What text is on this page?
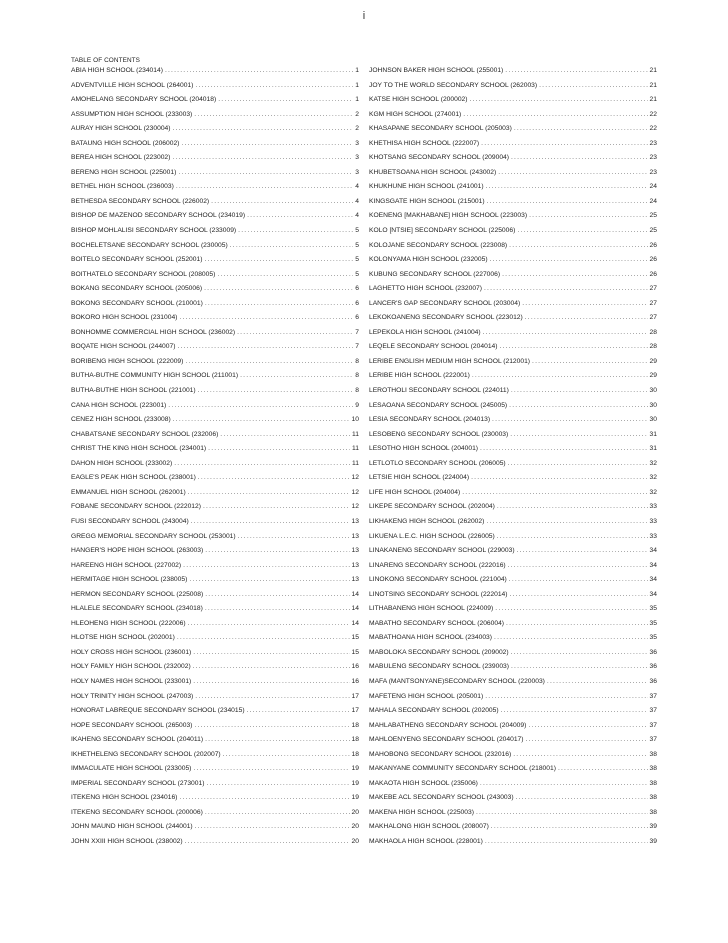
i
TABLE OF CONTENTS
ABIA HIGH SCHOOL (234014) .....	1
ADVENTVILLE HIGH SCHOOL (264001) .....	1
AMOHELANG SECONDARY SCHOOL (204018) .....	1
ASSUMPTION HIGH SCHOOL (233003) .....	2
AURAY HIGH SCHOOL (230004) .....	2
BATAUNG HIGH SCHOOL (206002) .....	3
BEREA HIGH SCHOOL (223002) .....	3
BERENG HIGH SCHOOL (225001) .....	3
BETHEL HIGH SCHOOL (236003) .....	4
BETHESDA SECONDARY SCHOOL (226002) .....	4
BISHOP DE MAZENOD SECONDARY SCHOOL (234019) .....	4
BISHOP MOHLALISI SECONDARY SCHOOL (233009) .....	5
BOCHELETSANE SECONDARY SCHOOL (230005) .....	5
BOITELO SECONDARY SCHOOL (252001) .....	5
BOITHATELO SECONDARY SCHOOL (208005) .....	5
BOKANG SECONDARY SCHOOL (205006) .....	6
BOKONG SECONDARY SCHOOL (210001) .....	6
BOKORO HIGH SCHOOL (231004) .....	6
BONHOMME COMMERCIAL HIGH SCHOOL (236002) .....	7
BOQATE HIGH SCHOOL (244007) .....	7
BORIBENG HIGH SCHOOL (222009) .....	8
BUTHA-BUTHE COMMUNITY HIGH SCHOOL (211001) .....	8
BUTHA-BUTHE HIGH SCHOOL (221001) .....	8
CANA HIGH SCHOOL (223001) .....	9
CENEZ HIGH SCHOOL (233008) .....	10
CHABATSANE SECONDARY SCHOOL (232006) .....	11
CHRIST THE KING HIGH SCHOOL (234001) .....	11
DAHON HIGH SCHOOL (233002) .....	11
EAGLE'S PEAK HIGH SCHOOL (238001) .....	12
EMMANUEL HIGH SCHOOL (262001) .....	12
FOBANE SECONDARY SCHOOL (222012) .....	12
FUSI SECONDARY SCHOOL (243004) .....	13
GREGG MEMORIAL SECONDARY SCHOOL (253001) .....	13
HANGER'S HOPE HIGH SCHOOL (263003) .....	13
HAREENG HIGH SCHOOL (227002) .....	13
HERMITAGE HIGH SCHOOL (238005) .....	13
HERMON SECONDARY SCHOOL (225008) .....	14
HLALELE SECONDARY SCHOOL (234018) .....	14
HLEOHENG HIGH SCHOOL (222006) .....	14
HLOTSE HIGH SCHOOL (202001) .....	15
HOLY CROSS HIGH SCHOOL (236001) .....	15
HOLY FAMILY HIGH SCHOOL (232002) .....	16
HOLY NAMES HIGH SCHOOL (233001) .....	16
HOLY TRINITY HIGH SCHOOL (247003) .....	17
HONORAT LABREQUE SECONDARY SCHOOL (234015) .....	17
HOPE SECONDARY SCHOOL (265003) .....	18
IKAHENG SECONDARY SCHOOL (204011) .....	18
IKHETHELENG SECONDARY SCHOOL (202007) .....	18
IMMACULATE HIGH SCHOOL (233005) .....	19
IMPERIAL SECONDARY SCHOOL (273001) .....	19
ITEKENG HIGH SCHOOL (234016) .....	19
ITEKENG SECONDARY SCHOOL (200006) .....	20
JOHN MAUND HIGH SCHOOL (244001) .....	20
JOHN XXIII HIGH SCHOOL (238002) .....	20
JOHNSON BAKER HIGH SCHOOL (255001) .....	21
JOY TO THE WORLD SECONDARY SCHOOL (262003) .....	21
KATSE HIGH SCHOOL (200002) .....	21
KGM HIGH SCHOOL (274001) .....	22
KHASAPANE SECONDARY SCHOOL (205003) .....	22
KHETHISA HIGH SCHOOL (222007) .....	23
KHOTSANG SECONDARY SCHOOL (209004) .....	23
KHUBETSOANA HIGH SCHOOL (243002) .....	23
KHUKHUNE HIGH SCHOOL (241001) .....	24
KINGSGATE HIGH SCHOOL (215001) .....	24
KOENENG [MAKHABANE] HIGH SCHOOL (223003) .....	25
KOLO [NTSIE] SECONDARY SCHOOL (225006) .....	25
KOLOJANE SECONDARY SCHOOL (223008) .....	26
KOLONYAMA HIGH SCHOOL (232005) .....	26
KUBUNG SECONDARY SCHOOL (227006) .....	26
LAGHETTO HIGH SCHOOL (232007) .....	27
LANCER'S GAP SECONDARY SCHOOL (203004) .....	27
LEKOKOANENG SECONDARY SCHOOL (223012) .....	27
LEPEKOLA HIGH SCHOOL (241004) .....	28
LEQELE SECONDARY SCHOOL (204014) .....	28
LERIBE ENGLISH MEDIUM HIGH SCHOOL (212001) .....	29
LERIBE HIGH SCHOOL (222001) .....	29
LEROTHOLI SECONDARY SCHOOL (224011) .....	30
LESAOANA SECONDARY SCHOOL (245005) .....	30
LESIA SECONDARY SCHOOL (204013) .....	30
LESOBENG SECONDARY SCHOOL (230003) .....	31
LESOTHO HIGH SCHOOL (204001) .....	31
LETLOTLO SECONDARY SCHOOL (206005) .....	32
LETSIE HIGH SCHOOL (224004) .....	32
LIFE HIGH SCHOOL (204004) .....	32
LIKEPE SECONDARY SCHOOL (202004) .....	33
LIKHAKENG HIGH SCHOOL (262002) .....	33
LIKUENA L.E.C. HIGH SCHOOL (226005) .....	33
LINAKANENG SECONDARY SCHOOL (229003) .....	34
LINARENG SECONDARY SCHOOL (222016) .....	34
LINOKONG SECONDARY SCHOOL (221004) .....	34
LINOTSING SECONDARY SCHOOL (222014) .....	34
LITHABANENG HIGH SCHOOL (224009) .....	35
MABATHO SECONDARY SCHOOL (206004) .....	35
MABATHOANA HIGH SCHOOL (234003) .....	35
MABOLOKA SECONDARY SCHOOL (209002) .....	36
MABULENG SECONDARY SCHOOL (239003) .....	36
MAFA (MANTSONYANE)SECONDARY SCHOOL (220003) .....	36
MAFETENG HIGH SCHOOL (205001) .....	37
MAHALA SECONDARY SCHOOL (202005) .....	37
MAHLABATHENG SECONDARY SCHOOL (204009) .....	37
MAHLOENYENG SECONDARY SCHOOL (204017) .....	37
MAHOBONG SECONDARY SCHOOL (232016) .....	38
MAKANYANE COMMUNITY SECONDARY SCHOOL (218001) .....	38
MAKAOTA HIGH SCHOOL (235006) .....	38
MAKEBE ACL SECONDARY SCHOOL (243003) .....	38
MAKENA HIGH SCHOOL (225003) .....	38
MAKHALONG HIGH SCHOOL (208007) .....	39
MAKHAOLA HIGH SCHOOL (228001) .....	39
